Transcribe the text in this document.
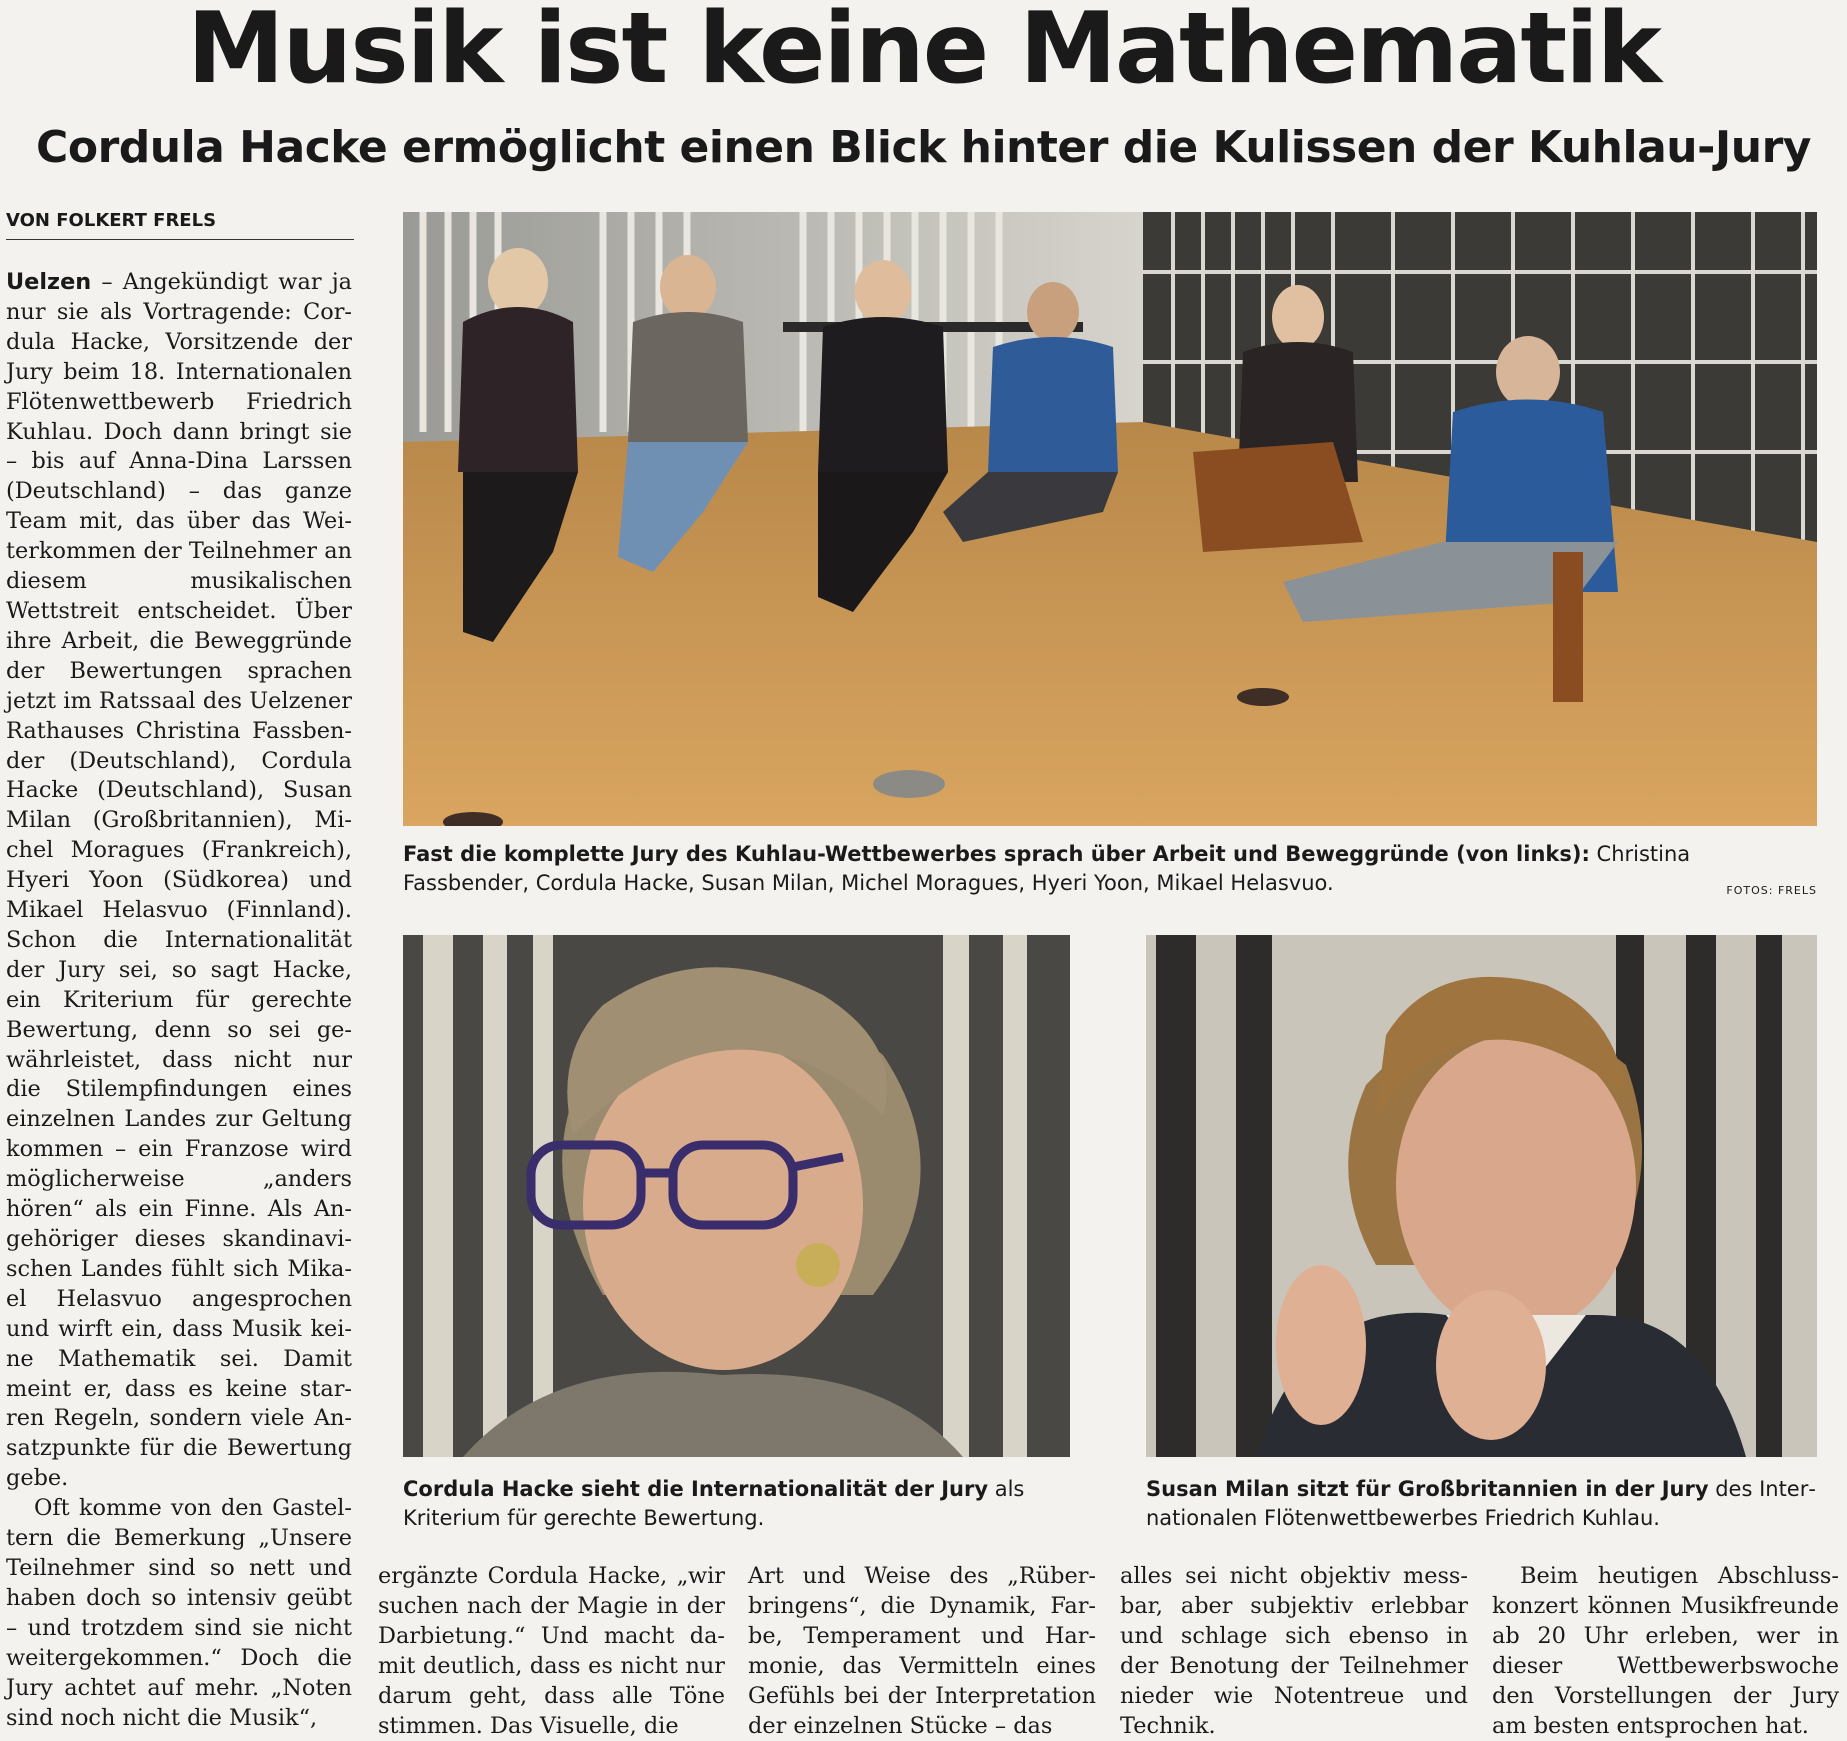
Musik ist keine Mathematik
Cordula Hacke ermöglicht einen Blick hinter die Kulissen der Kuhlau-Jury
VON FOLKERT FRELS

Uelzen – Angekündigt war ja nur sie als Vortragende: Cordula Hacke, Vorsitzende der Jury beim 18. Internationalen Flötenwettbewerb Friedrich Kuhlau. Doch dann bringt sie – bis auf Anna-Dina Larssen (Deutschland) – das ganze Team mit, das über das Weiterkommen der Teilnehmer an diesem musikalischen Wettstreit entscheidet. Über ihre Arbeit, die Beweggründe der Bewertungen sprachen jetzt im Ratssaal des Uelzener Rathauses Christina Fassbender (Deutschland), Cordula Hacke (Deutschland), Susan Milan (Großbritannien), Michel Moragues (Frankreich), Hyeri Yoon (Südkorea) und Mikael Helasvuo (Finnland). Schon die Internationalität der Jury sei, so sagt Hacke, ein Kriterium für gerechte Bewertung, denn so sei gewährleistet, dass nicht nur die Stilempfindungen eines einzelnen Landes zur Geltung kommen – ein Franzose wird möglicherweise „anders hören“ als ein Finne. Als Angehöriger dieses skandinavischen Landes fühlt sich Mikael Helasvuo angesprochen und wirft ein, dass Musik keine Mathematik sei. Damit meint er, dass es keine starren Regeln, sondern viele Ansatzpunkte für die Bewertung gebe.

Oft komme von den Gasteltern die Bemerkung „Unsere Teilnehmer sind so nett und haben doch so intensiv geübt – und trotzdem sind sie nicht weitergekommen.“ Doch die Jury achtet auf mehr. „Noten sind noch nicht die Musik“,

Fast die komplette Jury des Kuhlau-Wettbewerbes sprach über Arbeit und Beweggründe (von links): Christina Fassbender, Cordula Hacke, Susan Milan, Michel Moragues, Hyeri Yoon, Mikael Helasvuo.	FOTOS: FRELS
Cordula Hacke sieht die Internationalität der Jury als Kriterium für gerechte Bewertung.
Susan Milan sitzt für Großbritannien in der Jury des Internationalen Flötenwettbewerbes Friedrich Kuhlau.
ergänzte Cordula Hacke, „wir suchen nach der Magie in der Darbietung.“ Und macht damit deutlich, dass es nicht nur darum geht, dass alle Töne stimmen. Das Visuelle, die
Art und Weise des „Rüberbringens“, die Dynamik, Farbe, Temperament und Harmonie, das Vermitteln eines Gefühls bei der Interpretation der einzelnen Stücke – das
alles sei nicht objektiv messbar, aber subjektiv erlebbar und schlage sich ebenso in der Benotung der Teilnehmer nieder wie Notentreue und Technik.
Beim heutigen Abschlusskonzert können Musikfreunde ab 20 Uhr erleben, wer in dieser Wettbewerbswoche den Vorstellungen der Jury am besten entsprochen hat.
